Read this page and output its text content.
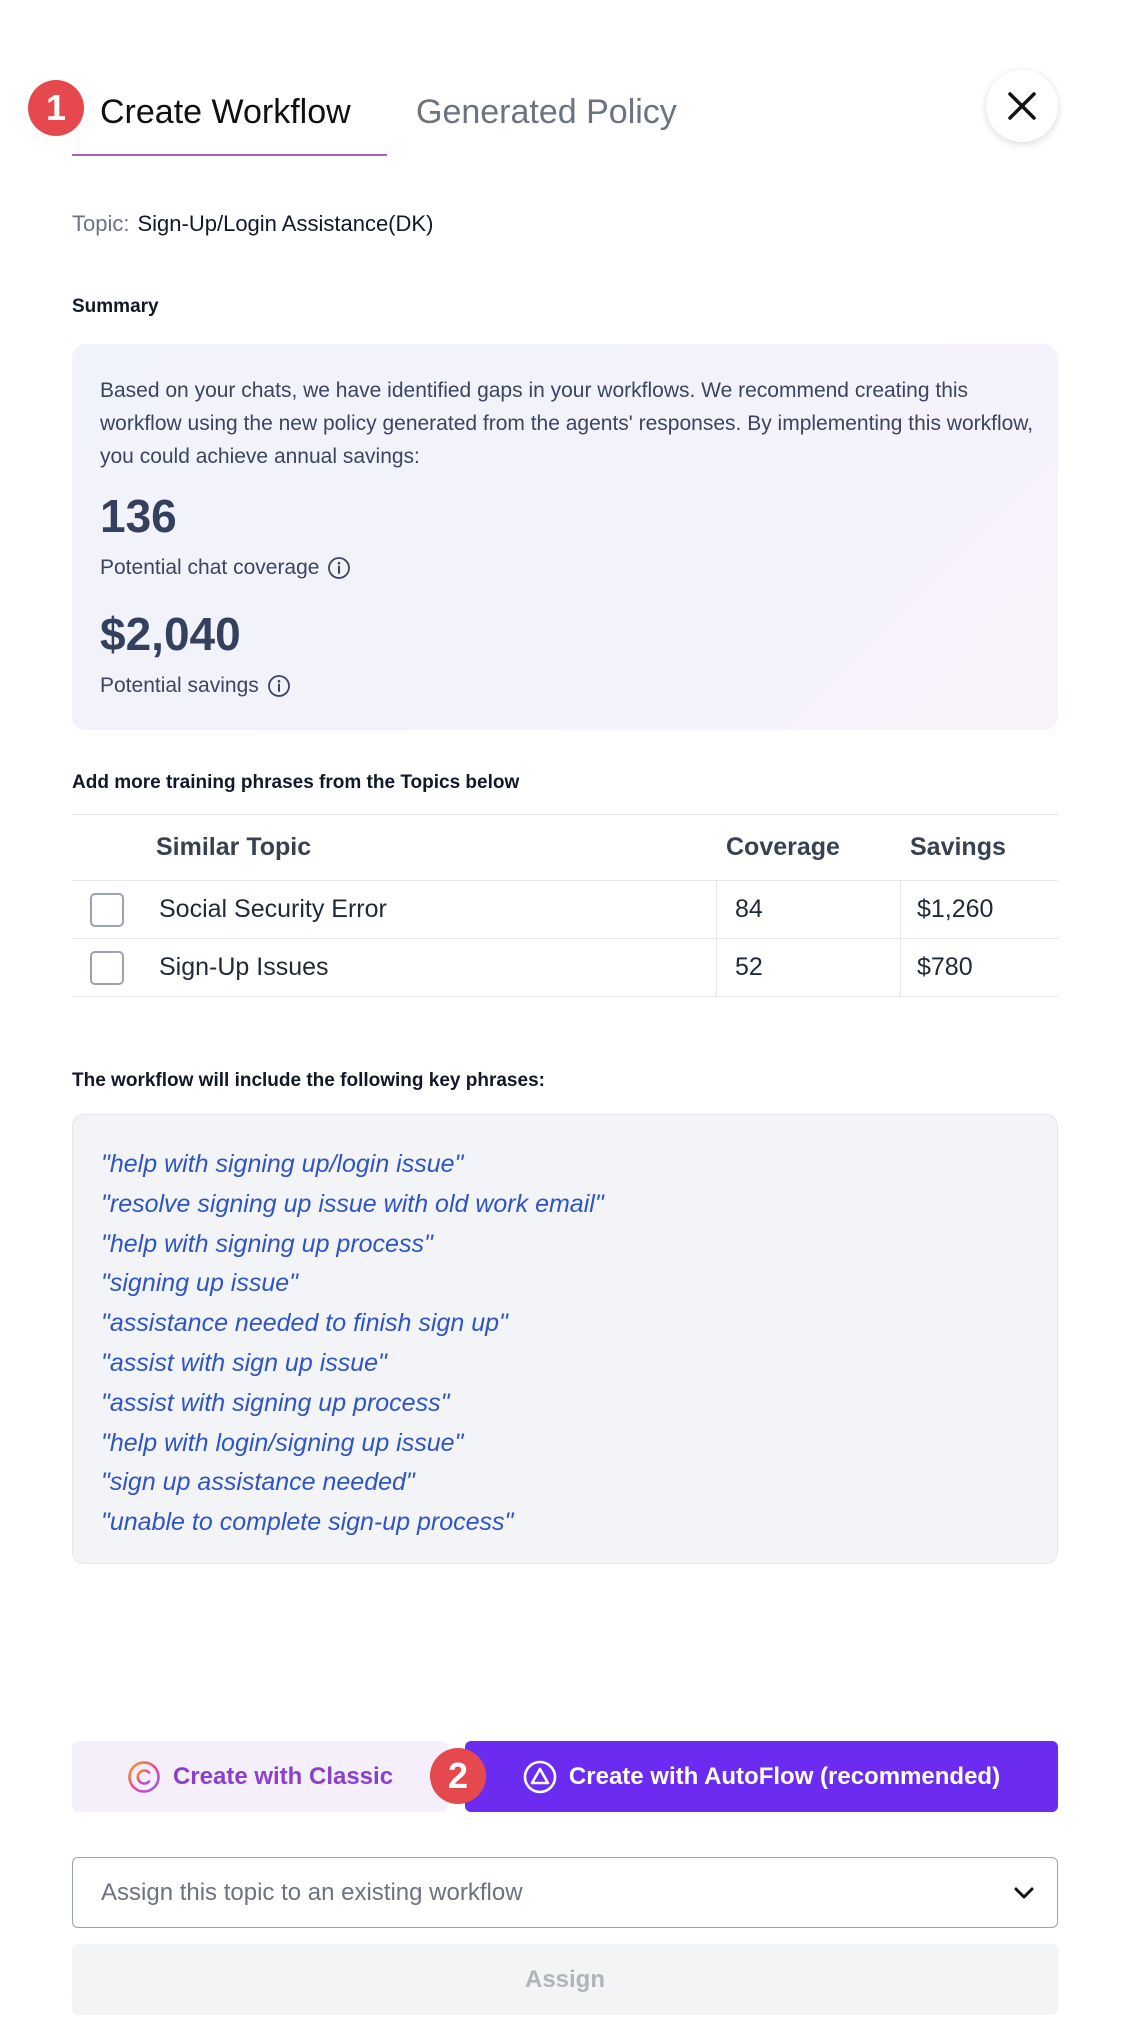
Create Workflow Generated Policy
1
Topic: Sign-Up/Login Assistance(DK)
Summary

Based on your chats, we have identified gaps in your workflows. We recommend creating this workflow using the new policy generated from the agents' responses. By implementing this workflow, you could achieve annual savings:

136
Potential chat coverage
$2,040
Potential savings
Add more training phrases from the Topics below
Similar Topic	Coverage	Savings
Social Security Error	84	$1,260
Sign-Up Issues	52	$780
The workflow will include the following key phrases:
"help with signing up/login issue"
"resolve signing up issue with old work email"
"help with signing up process"
"signing up issue"
"assistance needed to finish sign up"
"assist with sign up issue"
"assist with signing up process"
"help with login/signing up issue"
"sign up assistance needed"
"unable to complete sign-up process"
Create with Classic	Create with AutoFlow (recommended)
2
Assign this topic to an existing workflow
Assign
